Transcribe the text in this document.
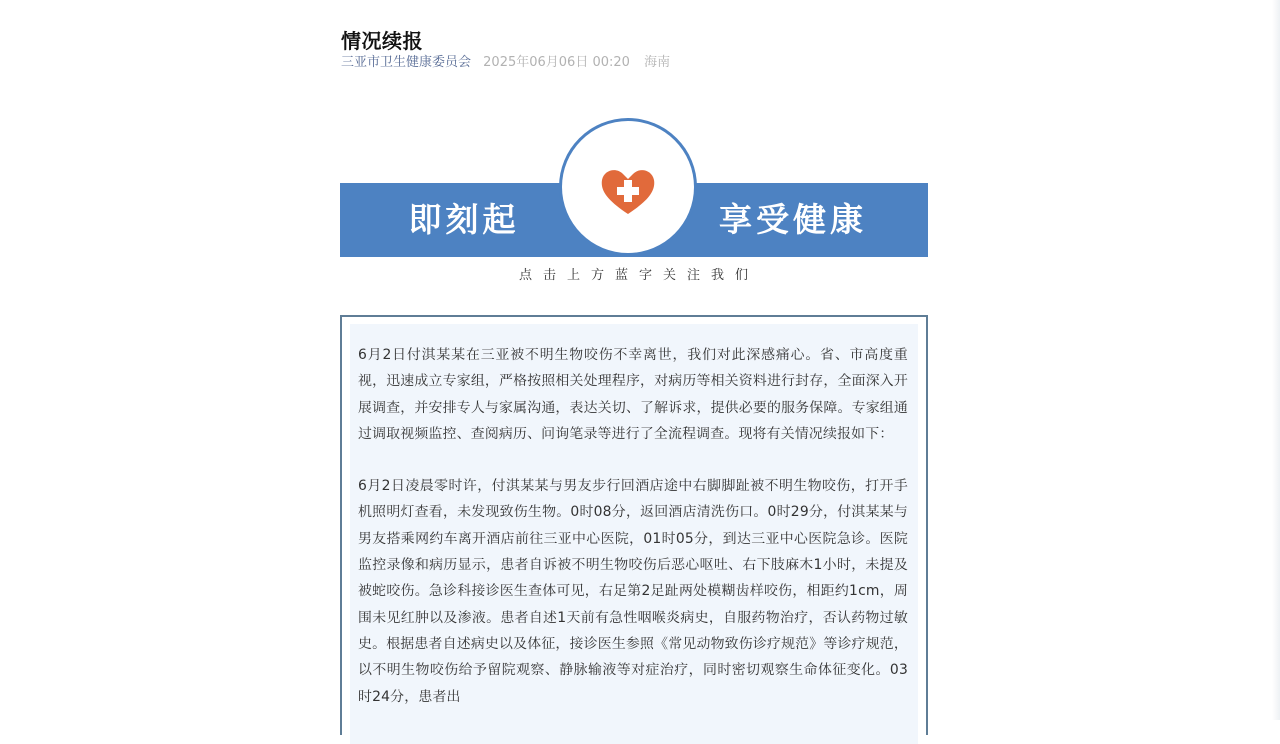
情况续报
三亚市卫生健康委员会 2025年06月06日 00:20 海南
即刻起	享受健康
点击上方蓝字关注我们

6月2日付淇某某在三亚被不明生物咬伤不幸离世，我们对此深感痛心。省、市高度重视，迅速成立专家组，严格按照相关处理程序，对病历等相关资料进行封存，全面深入开展调查，并安排专人与家属沟通，表达关切、了解诉求，提供必要的服务保障。专家组通过调取视频监控、查阅病历、问询笔录等进行了全流程调查。现将有关情况续报如下：

6月2日凌晨零时许，付淇某某与男友步行回酒店途中右脚脚趾被不明生物咬伤，打开手机照明灯查看，未发现致伤生物。0时08分，返回酒店清洗伤口。0时29分，付淇某某与男友搭乘网约车离开酒店前往三亚中心医院，01时05分，到达三亚中心医院急诊。医院监控录像和病历显示，患者自诉被不明生物咬伤后恶心呕吐、右下肢麻木1小时，未提及被蛇咬伤。急诊科接诊医生查体可见，右足第2足趾两处模糊齿样咬伤，相距约1cm，周围未见红肿以及渗液。患者自述1天前有急性咽喉炎病史，自服药物治疗，否认药物过敏史。根据患者自述病史以及体征，接诊医生参照《常见动物致伤诊疗规范》等诊疗规范，以不明生物咬伤给予留院观察、静脉输液等对症治疗，同时密切观察生命体征变化。03时24分，患者出
